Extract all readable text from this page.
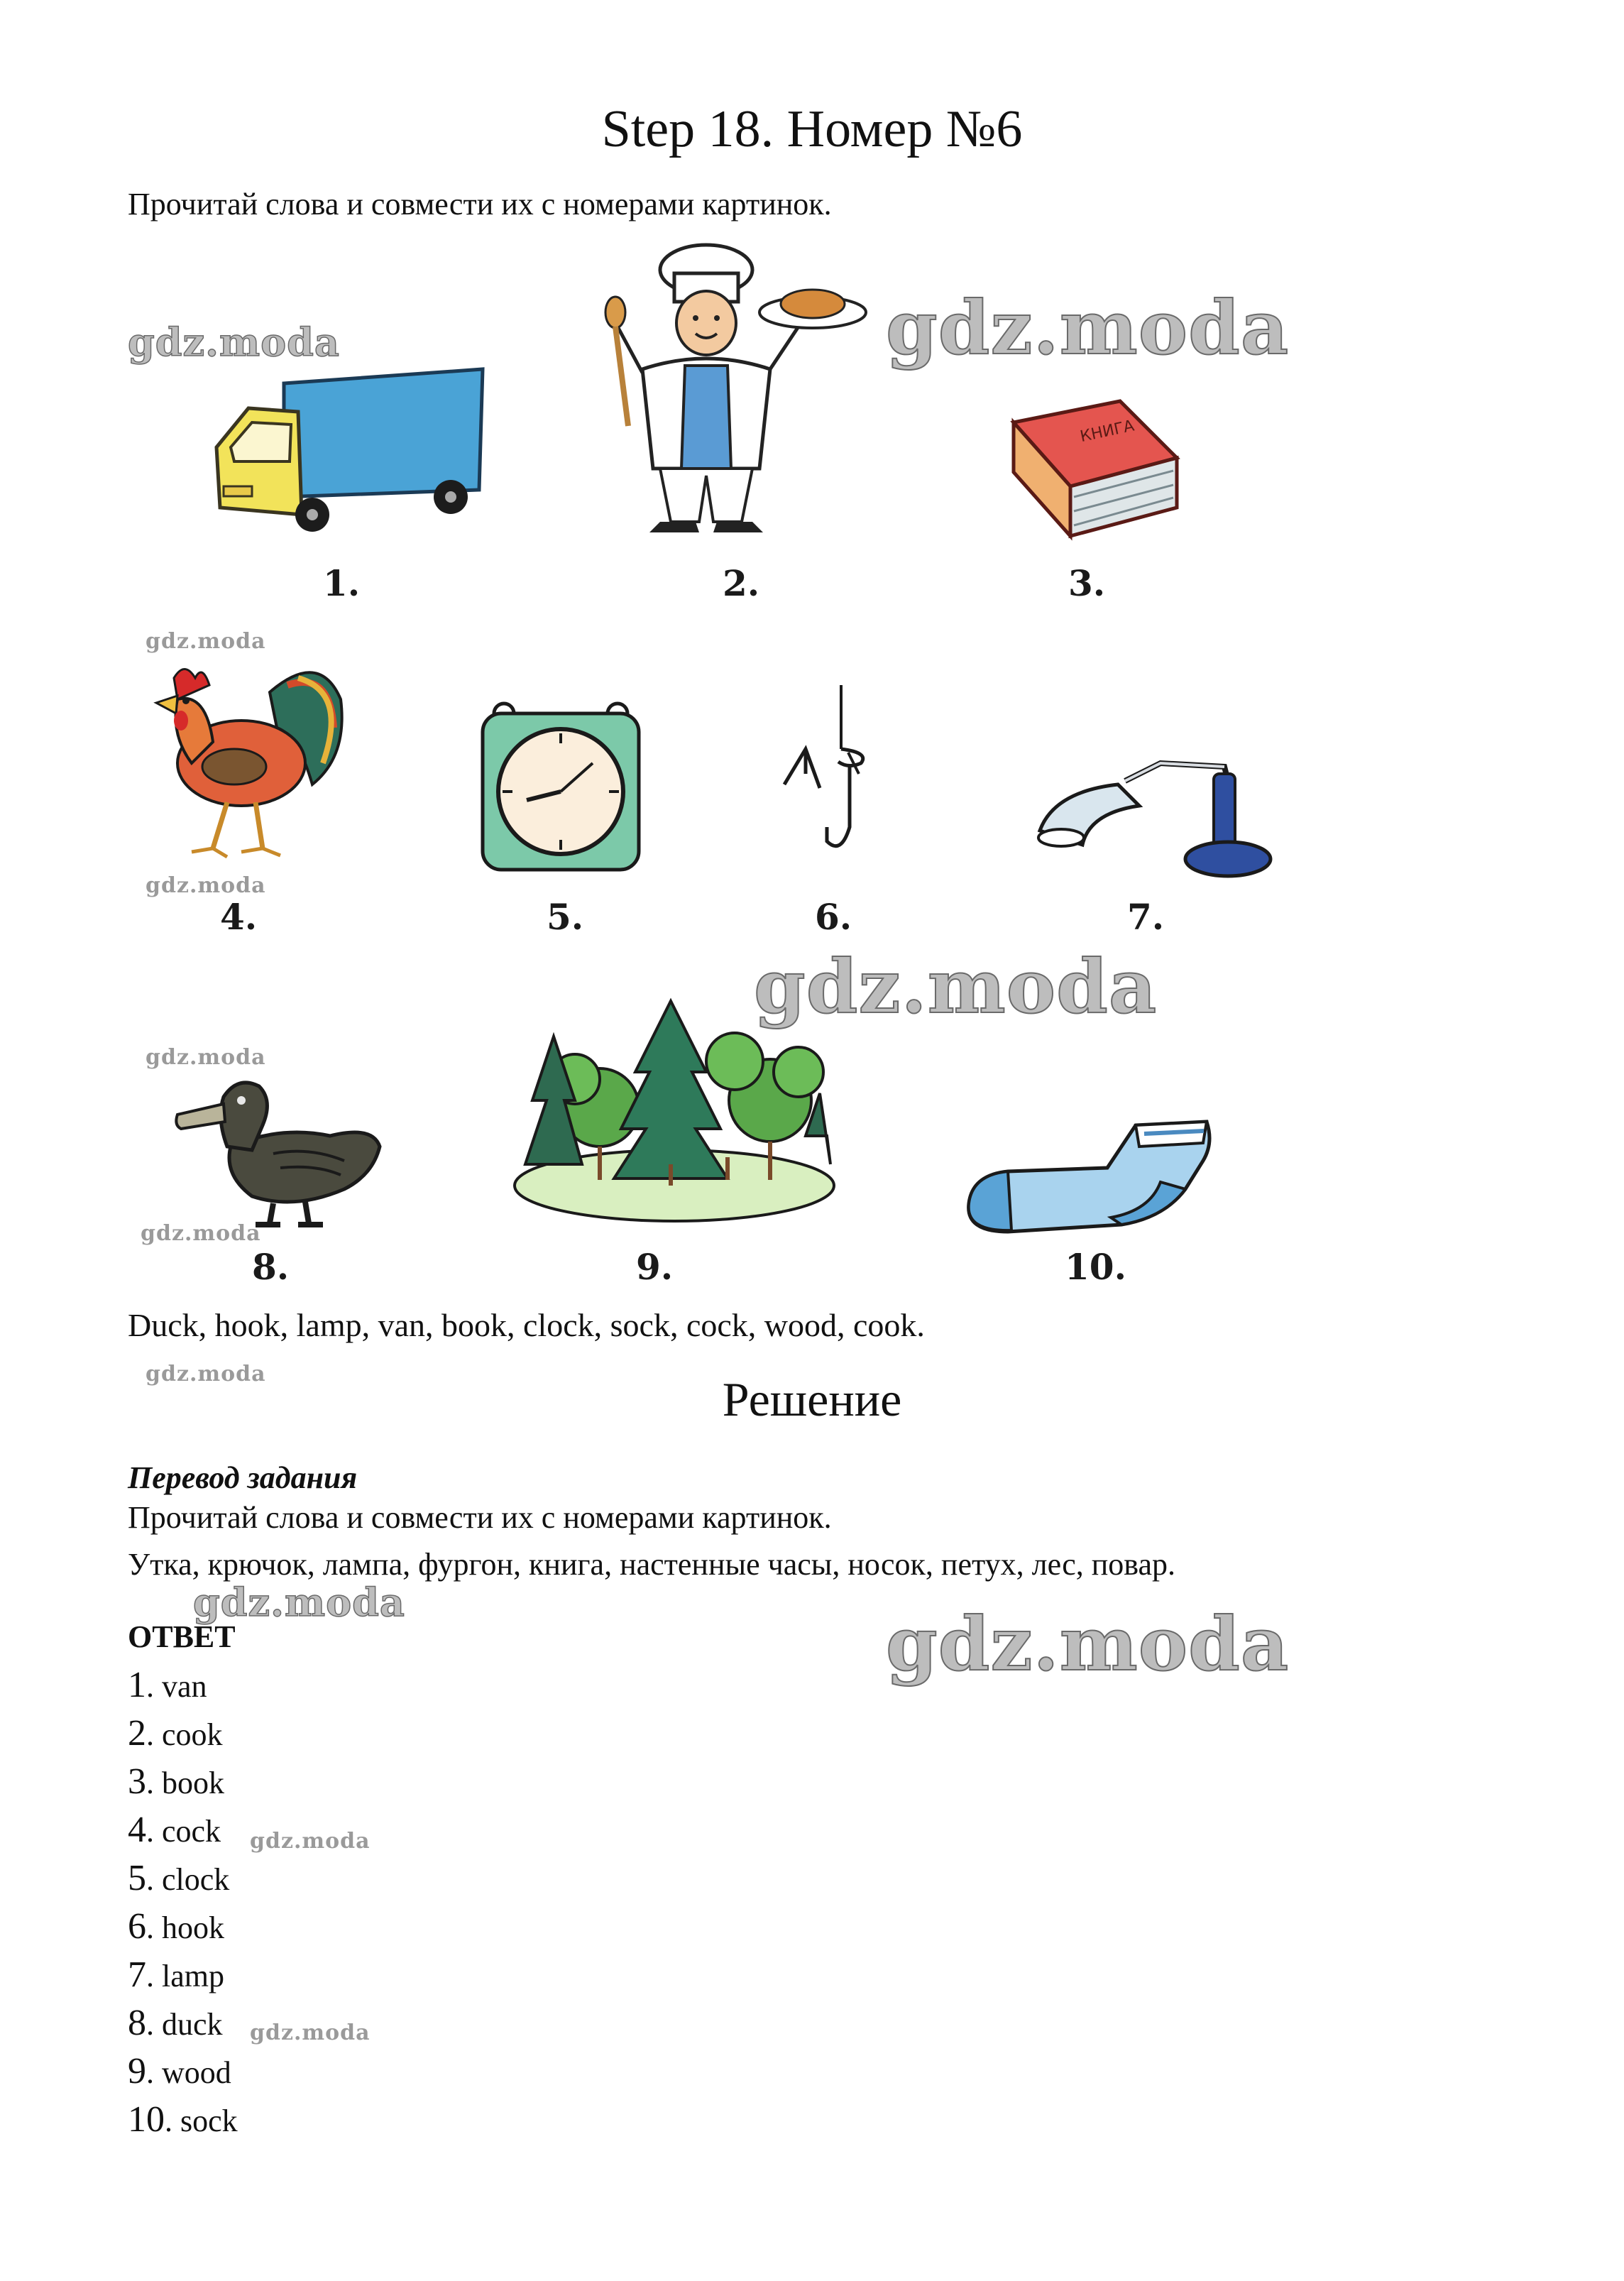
Step 18. Номер №6
Прочитай слова и совмести их с номерами картинок.
gdz.moda	gdz.moda
gdz.moda
gdz.moda
gdz.moda
gdz.moda
gdz.moda
gdz.moda
gdz.moda	gdz.moda
gdz.moda
gdz.moda
1.	2.
КНИГА
3.
4.	5.	6.	7.
8.	9.	10.
Duck, hook, lamp, van, book, clock, sock, cock, wood, cook.
Решение
Перевод задания
Прочитай слова и совмести их с номерами картинок.
Утка, крючок, лампа, фургон, книга, настенные часы, носок, петух, лес, повар.
ОТВЕТ
1. van
2. cook
3. book
4. cock
5. clock
6. hook
7. lamp
8. duck
9. wood
10. sock
